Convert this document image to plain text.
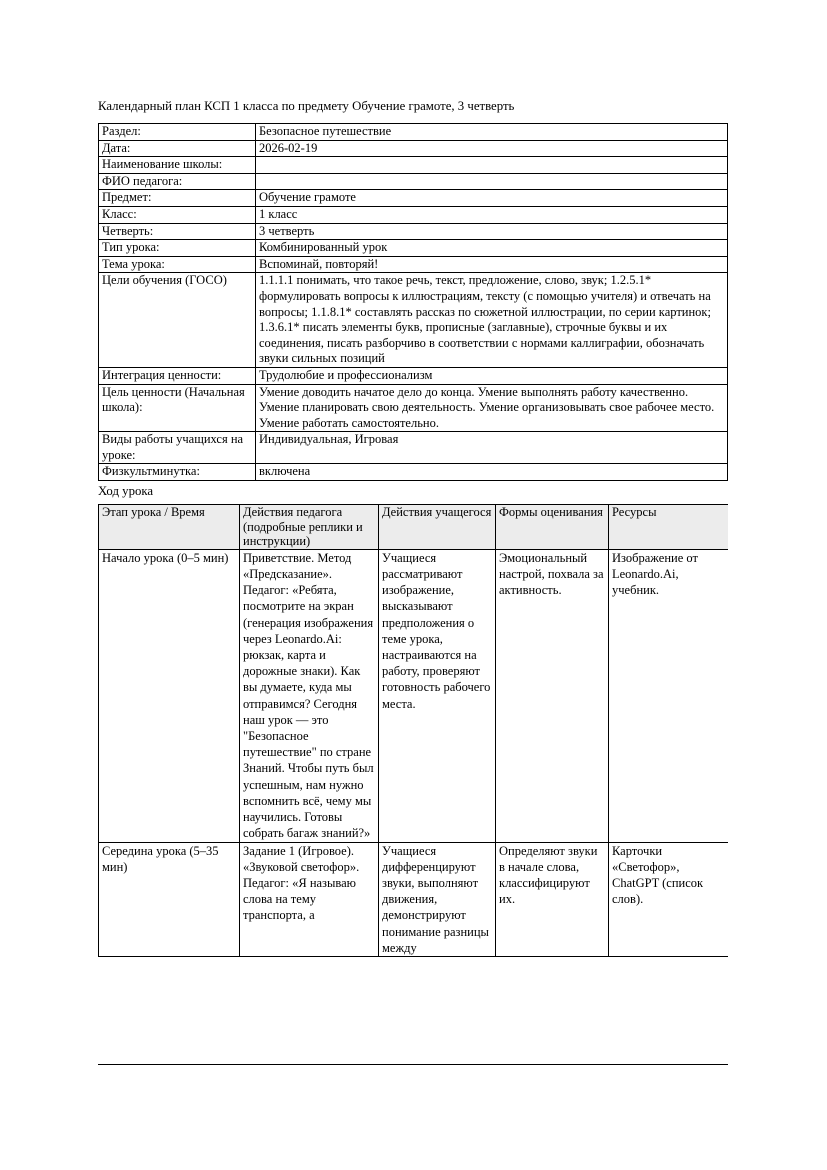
Календарный план КСП 1 класса по предмету Обучение грамоте, 3 четверть
Раздел:	Безопасное путешествие
Дата:	2026-02-19
Наименование школы:	
ФИО педагога:	
Предмет:	Обучение грамоте
Класс:	1 класс
Четверть:	3 четверть
Тип урока:	Комбинированный урок
Тема урока:	Вспоминай, повторяй!
Цели обучения (ГОСО)	1.1.1.1 понимать, что такое речь, текст, предложение, слово, звук; 1.2.5.1* формулировать вопросы к иллюстрациям, тексту (с помощью учителя) и отвечать на вопросы; 1.1.8.1* составлять рассказ по сюжетной иллюстрации, по серии картинок; 1.3.6.1* писать элементы букв, прописные (заглавные), строчные буквы и их соединения, писать разборчиво в соответствии с нормами каллиграфии, обозначать звуки сильных позиций
Интеграция ценности:	Трудолюбие и профессионализм
Цель ценности (Начальная школа):	Умение доводить начатое дело до конца. Умение выполнять работу качественно. Умение планировать свою деятельность. Умение организовывать свое рабочее место. Умение работать самостоятельно.
Виды работы учащихся на уроке:	Индивидуальная, Игровая
Физкультминутка:	включена
Ход урока
Этап урока / Время	Действия педагога (подробные реплики и инструкции)	Действия учащегося	Формы оценивания	Ресурсы
Начало урока (0–5 мин)	Приветствие. Метод «Предсказание». Педагог: «Ребята, посмотрите на экран (генерация изображения через Leonardo.Ai: рюкзак, карта и дорожные знаки). Как вы думаете, куда мы отправимся? Сегодня наш урок — это "Безопасное путешествие" по стране Знаний. Чтобы путь был успешным, нам нужно вспомнить всё, чему мы научились. Готовы собрать багаж знаний?»	Учащиеся рассматривают изображение, высказывают предположения о теме урока, настраиваются на работу, проверяют готовность рабочего места.	Эмоциональный настрой, похвала за активность.	Изображение от Leonardo.Ai, учебник.
Середина урока (5–35 мин)	Задание 1 (Игровое). «Звуковой светофор». Педагог: «Я называю слова на тему транспорта, а	Учащиеся дифференцируют звуки, выполняют движения, демонстрируют понимание разницы между	Определяют звуки в начале слова, классифицируют их.	Карточки «Светофор», ChatGPT (список слов).
